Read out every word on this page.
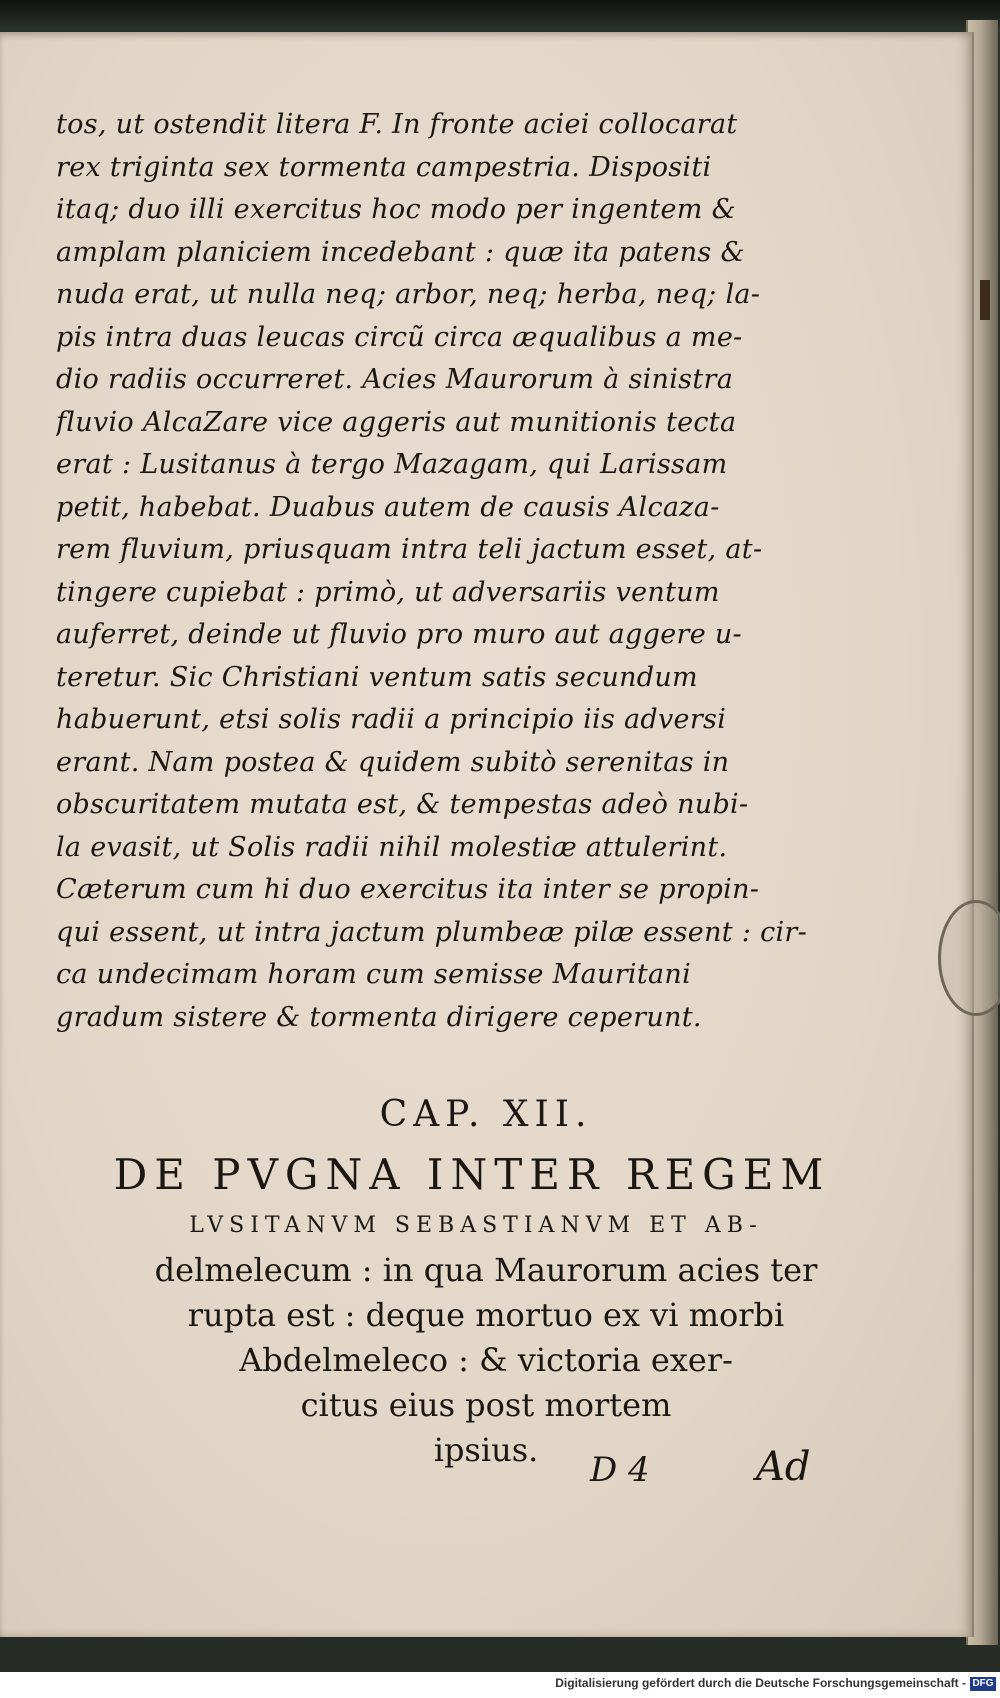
tos, ut ostendit litera F. In fronte aciei collocarat
rex triginta sex tormenta campestria. Dispositi
itaq; duo illi exercitus hoc modo per ingentem &
amplam planiciem incedebant : quæ ita patens &
nuda erat, ut nulla neq; arbor, neq; herba, neq; la-
pis intra duas leucas circũ circa æqualibus a me-
dio radiis occurreret. Acies Maurorum à sinistra
fluvio AlcaZare vice aggeris aut munitionis tecta
erat : Lusitanus à tergo Mazagam, qui Larissam
petit, habebat. Duabus autem de causis Alcaza-
rem fluvium, priusquam intra teli jactum esset, at-
tingere cupiebat : primò, ut adversariis ventum
auferret, deinde ut fluvio pro muro aut aggere u-
teretur. Sic Christiani ventum satis secundum
habuerunt, etsi solis radii a principio iis adversi
erant. Nam postea & quidem subitò serenitas in
obscuritatem mutata est, & tempestas adeò nubi-
la evasit, ut Solis radii nihil molestiæ attulerint.
Cæterum cum hi duo exercitus ita inter se propin-
qui essent, ut intra jactum plumbeæ pilæ essent : cir-
ca undecimam horam cum semisse Mauritani
gradum sistere & tormenta dirigere ceperunt.

CAP. XII.

DE PVGNA INTER REGEM

LVSITANVM SEBASTIANVM ET AB-

delmelecum : in qua Maurorum acies ter
rupta est : deque mortuo ex vi morbi
Abdelmeleco : & victoria exer-
citus eius post mortem
ipsius.	D 4	Ad

Digitalisierung gefördert durch die Deutsche Forschungsgemeinschaft - DFG
